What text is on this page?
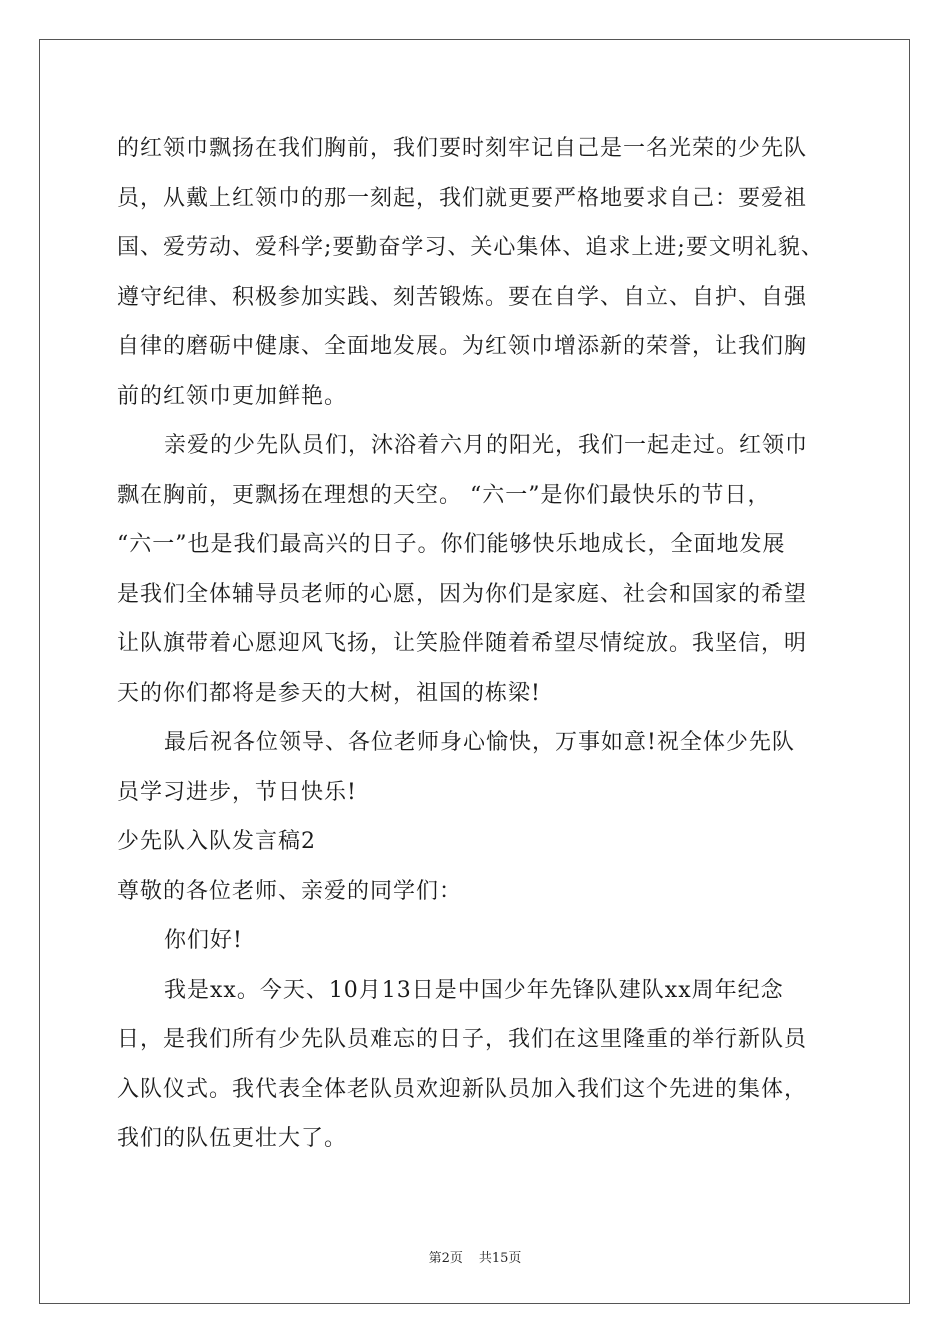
的红领巾飘扬在我们胸前，我们要时刻牢记自己是一名光荣的少先队
员，从戴上红领巾的那一刻起，我们就更要严格地要求自己：要爱祖
国、爱劳动、爱科学;要勤奋学习、关心集体、追求上进;要文明礼貌、
遵守纪律、积极参加实践、刻苦锻炼。要在自学、自立、自护、自强
自律的磨砺中健康、全面地发展。为红领巾增添新的荣誉，让我们胸
前的红领巾更加鲜艳。
亲爱的少先队员们，沐浴着六月的阳光，我们一起走过。红领巾
飘在胸前，更飘扬在理想的天空。 “六一”是你们最快乐的节日，
“六一”也是我们最高兴的日子。你们能够快乐地成长，全面地发展
是我们全体辅导员老师的心愿，因为你们是家庭、社会和国家的希望
让队旗带着心愿迎风飞扬，让笑脸伴随着希望尽情绽放。我坚信，明
天的你们都将是参天的大树，祖国的栋梁!
最后祝各位领导、各位老师身心愉快，万事如意!祝全体少先队
员学习进步，节日快乐!
少先队入队发言稿2
尊敬的各位老师、亲爱的同学们：
你们好!
我是xx。今天、10月13日是中国少年先锋队建队xx周年纪念
日，是我们所有少先队员难忘的日子，我们在这里隆重的举行新队员
入队仪式。我代表全体老队员欢迎新队员加入我们这个先进的集体，
我们的队伍更壮大了。
第2页 共15页
